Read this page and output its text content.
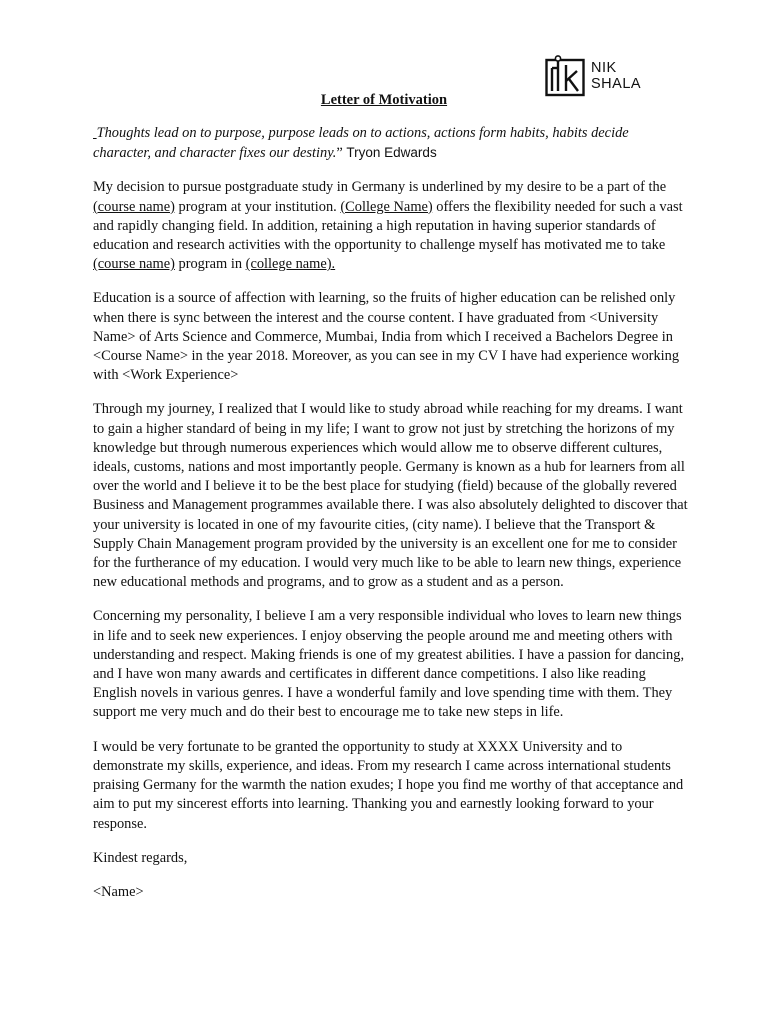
NIK
SHALA
Letter of Motivation

Thoughts lead on to purpose, purpose leads on to actions, actions form habits, habits decide character, and character fixes our destiny.” Tryon Edwards

My decision to pursue postgraduate study in Germany is underlined by my desire to be a part of the (course name) program at your institution. (College Name) offers the flexibility needed for such a vast and rapidly changing field. In addition, retaining a high reputation in having superior standards of education and research activities with the opportunity to challenge myself has motivated me to take (course name) program in (college name).

Education is a source of affection with learning, so the fruits of higher education can be relished only when there is sync between the interest and the course content. I have graduated from <University Name> of Arts Science and Commerce, Mumbai, India from which I received a Bachelors Degree in <Course Name> in the year 2018. Moreover, as you can see in my CV I have had experience working with <Work Experience>

Through my journey, I realized that I would like to study abroad while reaching for my dreams. I want to gain a higher standard of being in my life; I want to grow not just by stretching the horizons of my knowledge but through numerous experiences which would allow me to observe different cultures, ideals, customs, nations and most importantly people. Germany is known as a hub for learners from all over the world and I believe it to be the best place for studying (field) because of the globally revered Business and Management programmes available there. I was also absolutely delighted to discover that your university is located in one of my favourite cities, (city name). I believe that the Transport & Supply Chain Management program provided by the university is an excellent one for me to consider for the furtherance of my education. I would very much like to be able to learn new things, experience new educational methods and programs, and to grow as a student and as a person.

Concerning my personality, I believe I am a very responsible individual who loves to learn new things in life and to seek new experiences. I enjoy observing the people around me and meeting others with understanding and respect. Making friends is one of my greatest abilities. I have a passion for dancing, and I have won many awards and certificates in different dance competitions. I also like reading English novels in various genres. I have a wonderful family and love spending time with them. They support me very much and do their best to encourage me to take new steps in life.

I would be very fortunate to be granted the opportunity to study at XXXX University and to demonstrate my skills, experience, and ideas. From my research I came across international students praising Germany for the warmth the nation exudes; I hope you find me worthy of that acceptance and aim to put my sincerest efforts into learning. Thanking you and earnestly looking forward to your response.

Kindest regards,

<Name>
